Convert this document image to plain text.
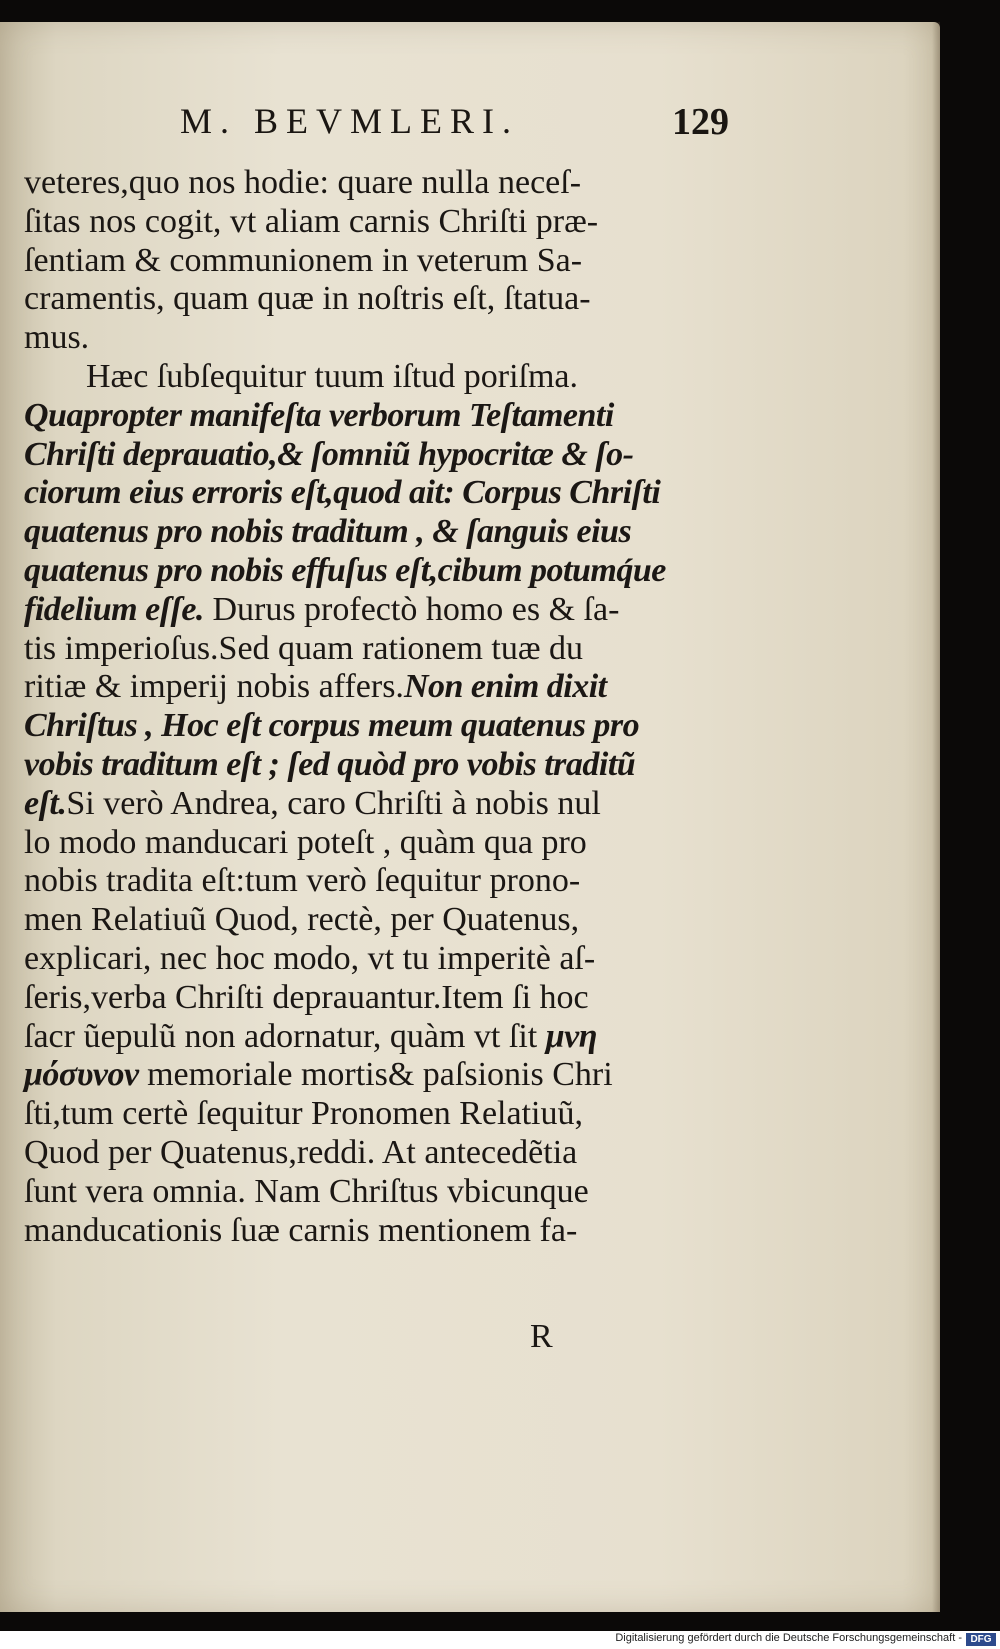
M. BEVMLERI.	129
veteres,quo nos hodie: quare nulla neceſ-
ſitas nos cogit, vt aliam carnis Chriſti præ-
ſentiam & communionem in veterum Sa-
cramentis, quam quæ in noſtris eſt, ſtatua-
mus.
Hæc ſubſequitur tuum iſtud poriſma.
Quapropter manifeſta verborum Teſtamenti
Chriſti deprauatio,& ſomniũ hypocritæ & ſo-
ciorum eius erroris eſt,quod ait: Corpus Chriſti
quatenus pro nobis traditum , & ſanguis eius
quatenus pro nobis effuſus eſt,cibum potumq́ue
fidelium eſſe. Durus profectò homo es & ſa-
tis imperioſus.Sed quam rationem tuæ du
ritiæ & imperij nobis affers.Non enim dixit
Chriſtus , Hoc eſt corpus meum quatenus pro
vobis traditum eſt ; ſed quòd pro vobis traditũ
eſt.Si verò Andrea, caro Chriſti à nobis nul
lo modo manducari poteſt , quàm qua pro
nobis tradita eſt:tum verò ſequitur prono-
men Relatiuũ Quod, rectè, per Quatenus,
explicari, nec hoc modo, vt tu imperitè aſ-
ſeris,verba Chriſti deprauantur.Item ſi hoc
ſacr ũepulũ non adornatur, quàm vt ſit μνη
μόσυνον memoriale mortis& paſsionis Chri
ſti,tum certè ſequitur Pronomen Relatiuũ,
Quod per Quatenus,reddi. At antecedẽtia
ſunt vera omnia. Nam Chriſtus vbicunque
manducationis ſuæ carnis mentionem fa-
R
Digitalisierung gefördert durch die Deutsche Forschungsgemeinschaft - DFG
